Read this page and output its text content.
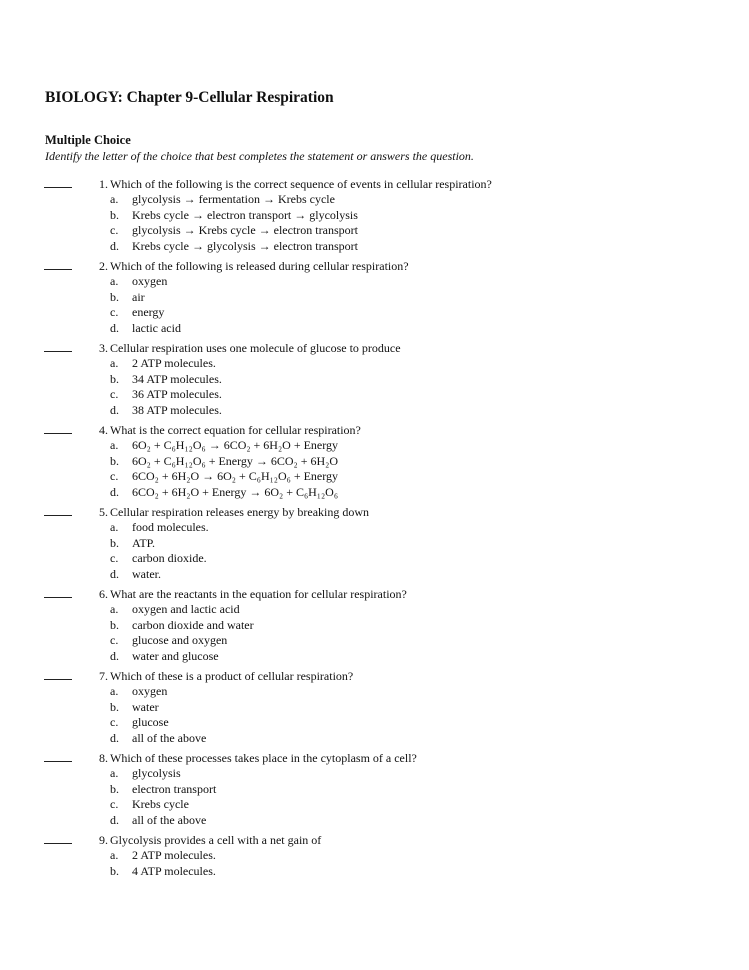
BIOLOGY: Chapter 9-Cellular Respiration
Multiple Choice
Identify the letter of the choice that best completes the statement or answers the question.
1. Which of the following is the correct sequence of events in cellular respiration?
a.	glycolysis → fermentation → Krebs cycle
b.	Krebs cycle → electron transport → glycolysis
c.	glycolysis → Krebs cycle → electron transport
d.	Krebs cycle → glycolysis → electron transport
2. Which of the following is released during cellular respiration?
a.	oxygen
b.	air
c.	energy
d.	lactic acid
3. Cellular respiration uses one molecule of glucose to produce
a.	2 ATP molecules.
b.	34 ATP molecules.
c.	36 ATP molecules.
d.	38 ATP molecules.
4. What is the correct equation for cellular respiration?
a.	6O₂ + C₆H₁₂O₆ → 6CO₂ + 6H₂O + Energy
b.	6O₂ + C₆H₁₂O₆ + Energy → 6CO₂ + 6H₂O
c.	6CO₂ + 6H₂O → 6O₂ + C₆H₁₂O₆ + Energy
d.	6CO₂ + 6H₂O + Energy → 6O₂ + C₆H₁₂O₆
5. Cellular respiration releases energy by breaking down
a.	food molecules.
b.	ATP.
c.	carbon dioxide.
d.	water.
6. What are the reactants in the equation for cellular respiration?
a.	oxygen and lactic acid
b.	carbon dioxide and water
c.	glucose and oxygen
d.	water and glucose
7. Which of these is a product of cellular respiration?
a.	oxygen
b.	water
c.	glucose
d.	all of the above
8. Which of these processes takes place in the cytoplasm of a cell?
a.	glycolysis
b.	electron transport
c.	Krebs cycle
d.	all of the above
9. Glycolysis provides a cell with a net gain of
a.	2 ATP molecules.
b.	4 ATP molecules.
